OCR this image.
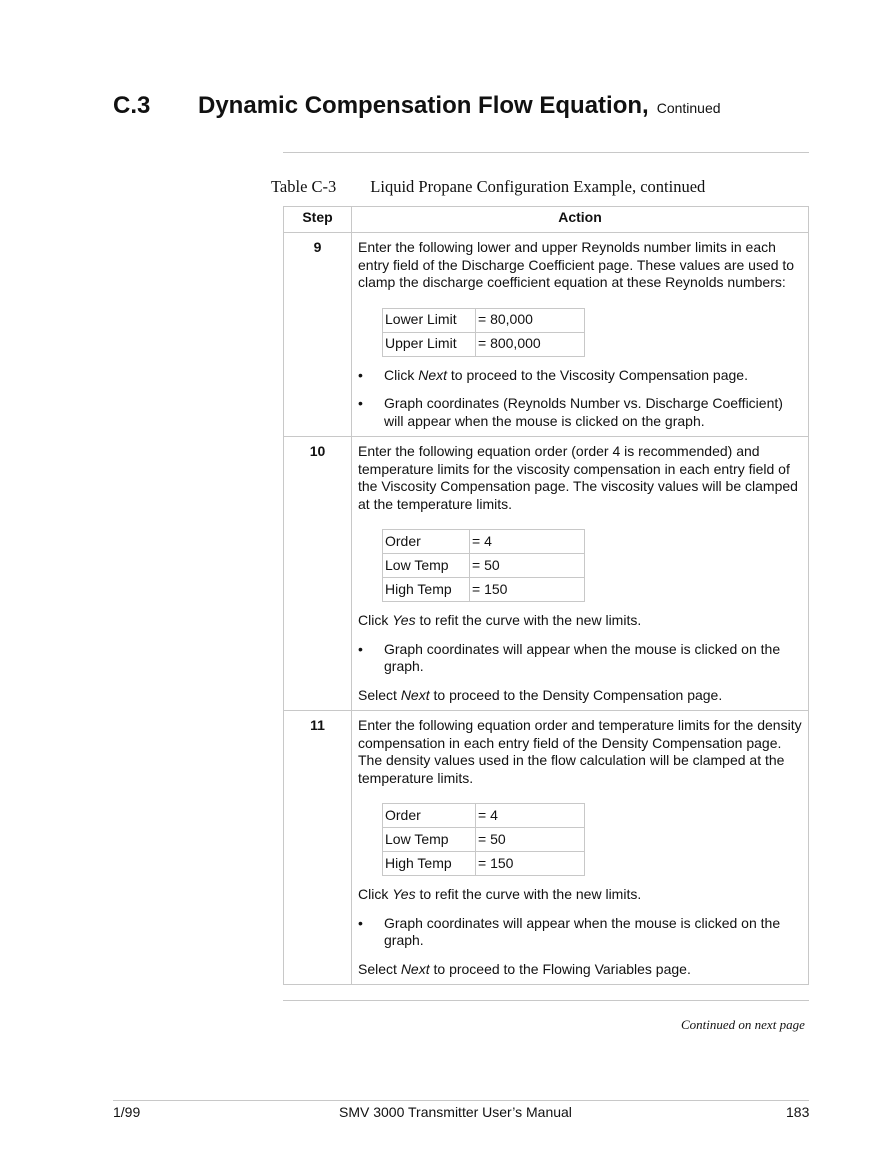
C.3 Dynamic Compensation Flow Equation, Continued
Table C-3 Liquid Propane Configuration Example, continued
Step	Action
9	Enter the following lower and upper Reynolds number limits in each entry field of the Discharge Coefficient page. These values are used to clamp the discharge coefficient equation at these Reynolds numbers:

Lower Limit	= 80,000
Upper Limit	= 800,000
• Click Next to proceed to the Viscosity Compensation page.
• Graph coordinates (Reynolds Number vs. Discharge Coefficient) will appear when the mouse is clicked on the graph.

10	Enter the following equation order (order 4 is recommended) and temperature limits for the viscosity compensation in each entry field of the Viscosity Compensation page. The viscosity values will be clamped at the temperature limits.

Order	= 4
Low Temp	= 50
High Temp	= 150

Click Yes to refit the curve with the new limits.

• Graph coordinates will appear when the mouse is clicked on the graph.

Select Next to proceed to the Density Compensation page.

11	Enter the following equation order and temperature limits for the density compensation in each entry field of the Density Compensation page. The density values used in the flow calculation will be clamped at the temperature limits.

Order	= 4
Low Temp	= 50
High Temp	= 150

Click Yes to refit the curve with the new limits.

• Graph coordinates will appear when the mouse is clicked on the graph.

Select Next to proceed to the Flowing Variables page.

Continued on next page
1/99	SMV 3000 Transmitter User’s Manual	183
